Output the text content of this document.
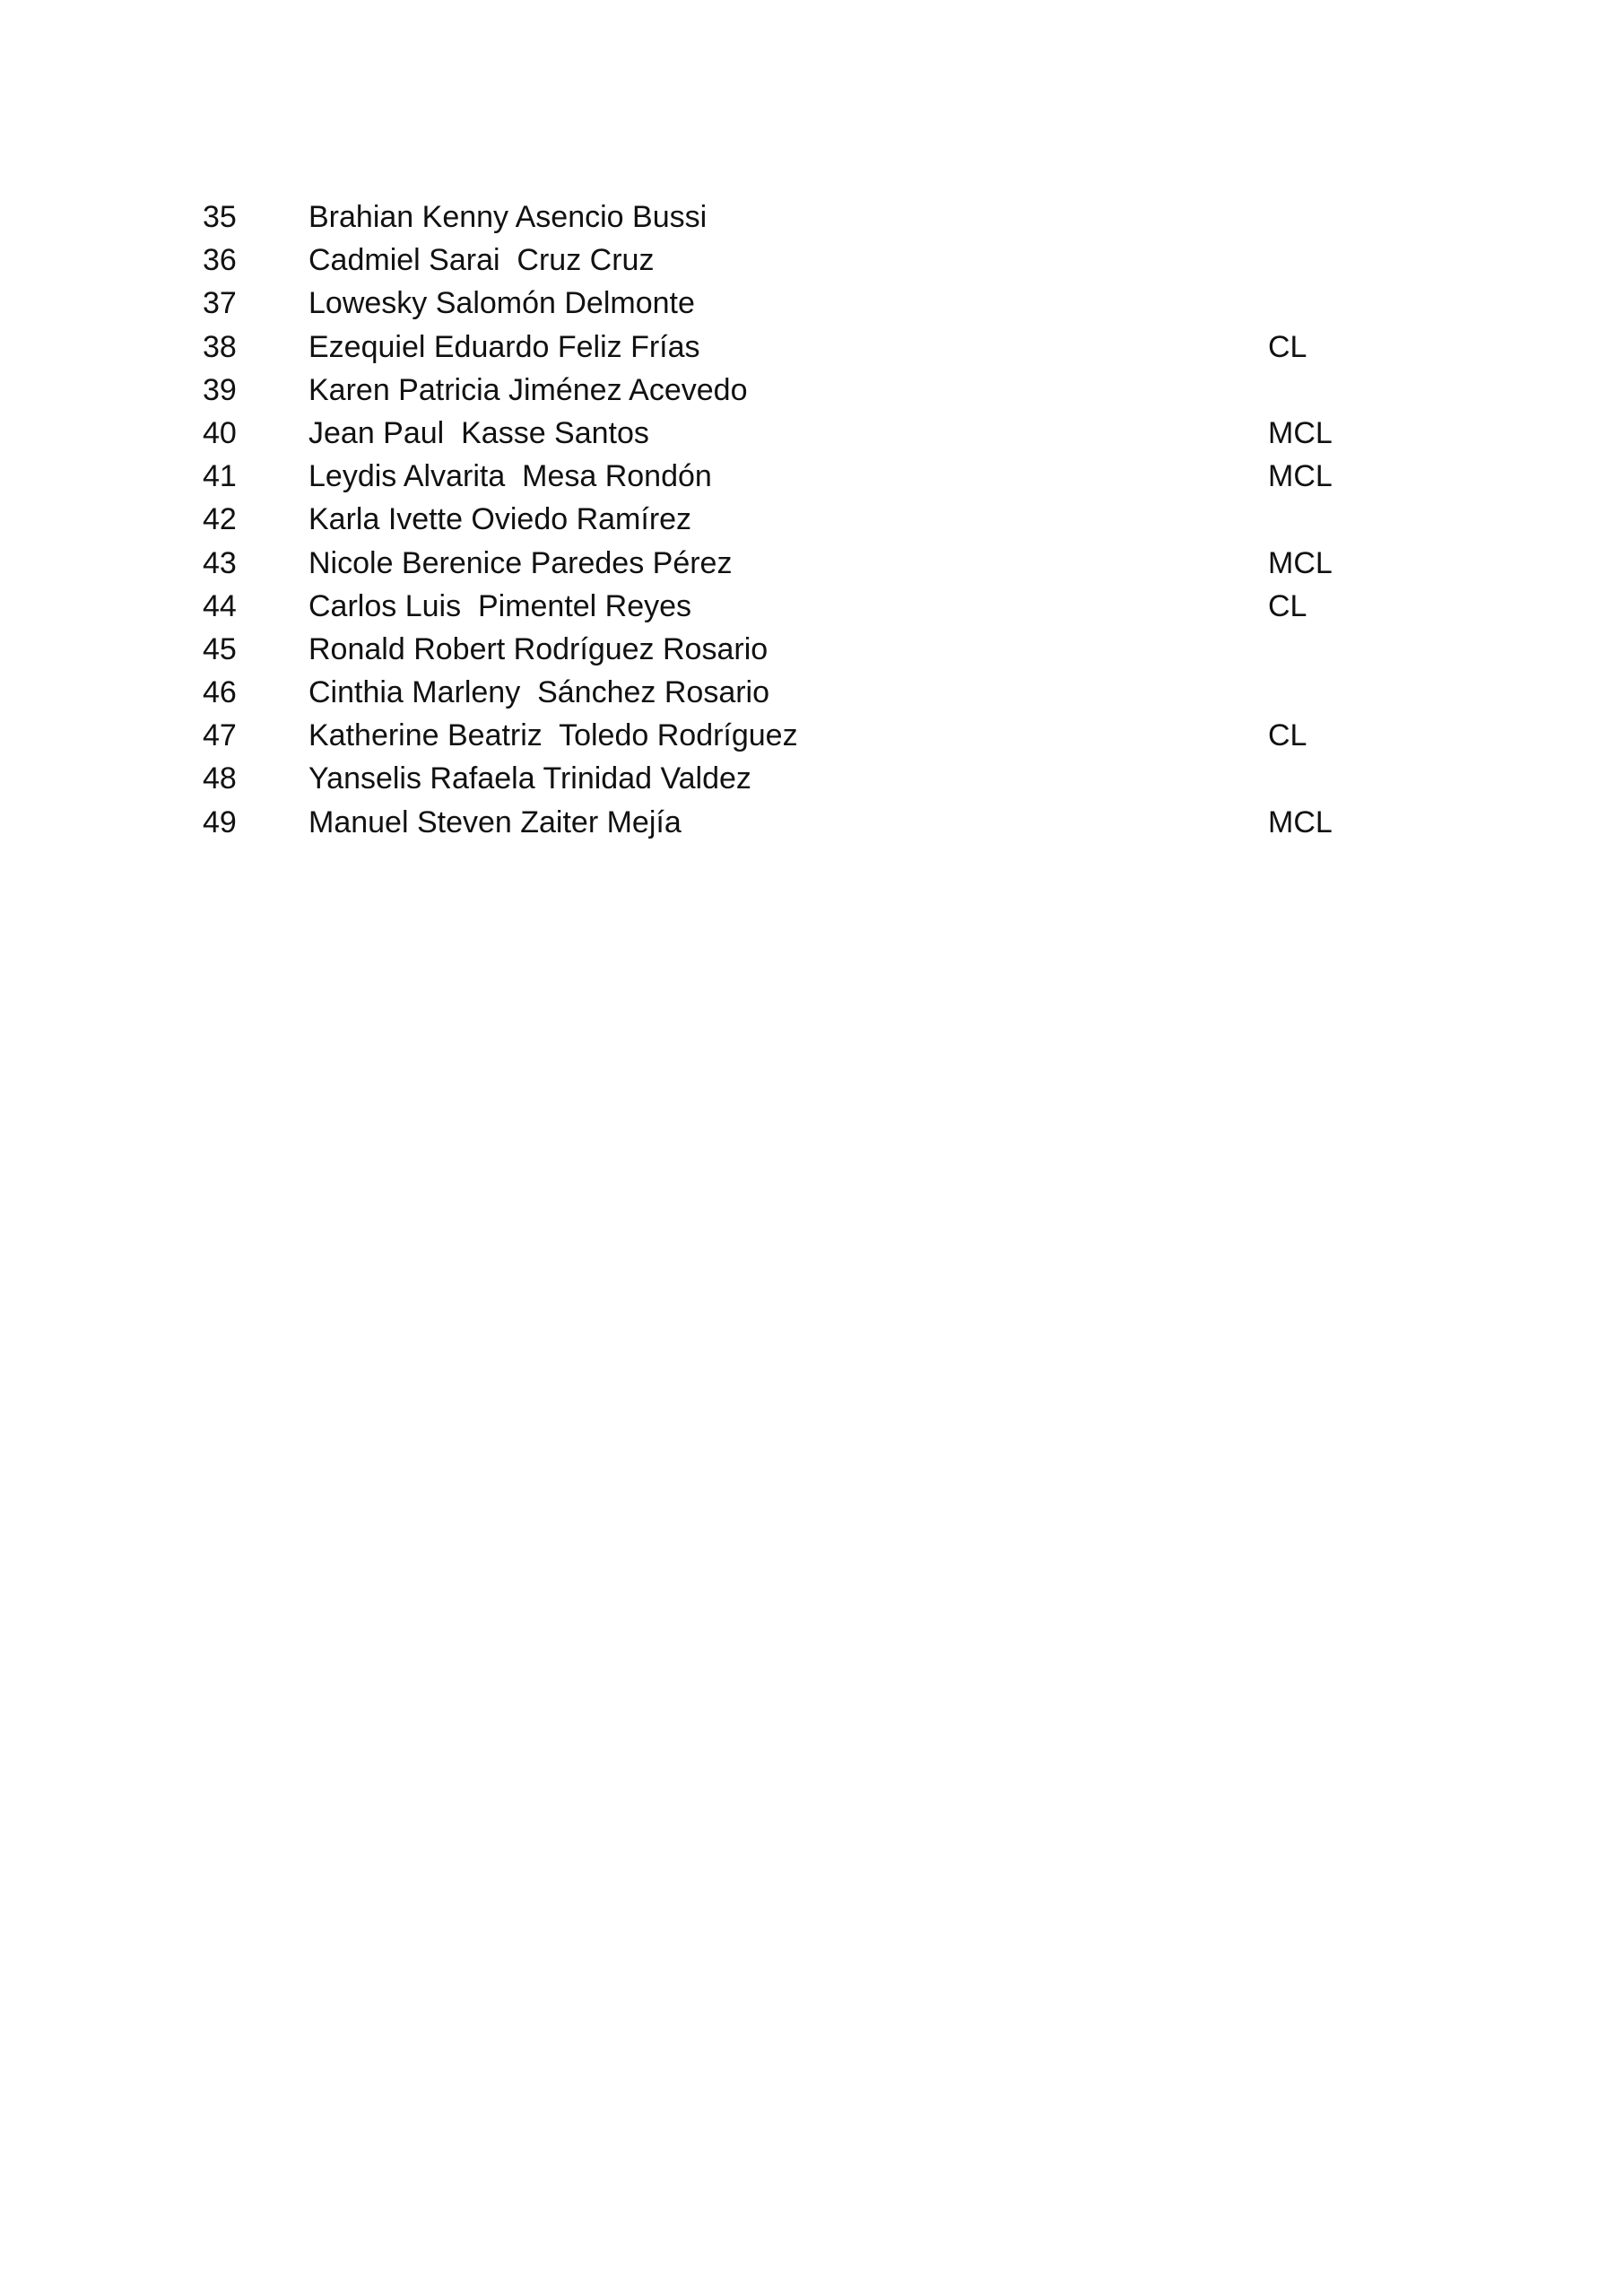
35 Brahian Kenny Asencio Bussi
36 Cadmiel Sarai  Cruz Cruz
37 Lowesky Salomón Delmonte
38 Ezequiel Eduardo Feliz Frías	CL
39 Karen Patricia Jiménez Acevedo
40 Jean Paul  Kasse Santos	MCL
41 Leydis Alvarita  Mesa Rondón	MCL
42 Karla Ivette Oviedo Ramírez
43 Nicole Berenice Paredes Pérez	MCL
44 Carlos Luis  Pimentel Reyes	CL
45 Ronald Robert Rodríguez Rosario
46 Cinthia Marleny  Sánchez Rosario
47 Katherine Beatriz  Toledo Rodríguez	CL
48 Yanselis Rafaela Trinidad Valdez
49 Manuel Steven Zaiter Mejía	MCL
